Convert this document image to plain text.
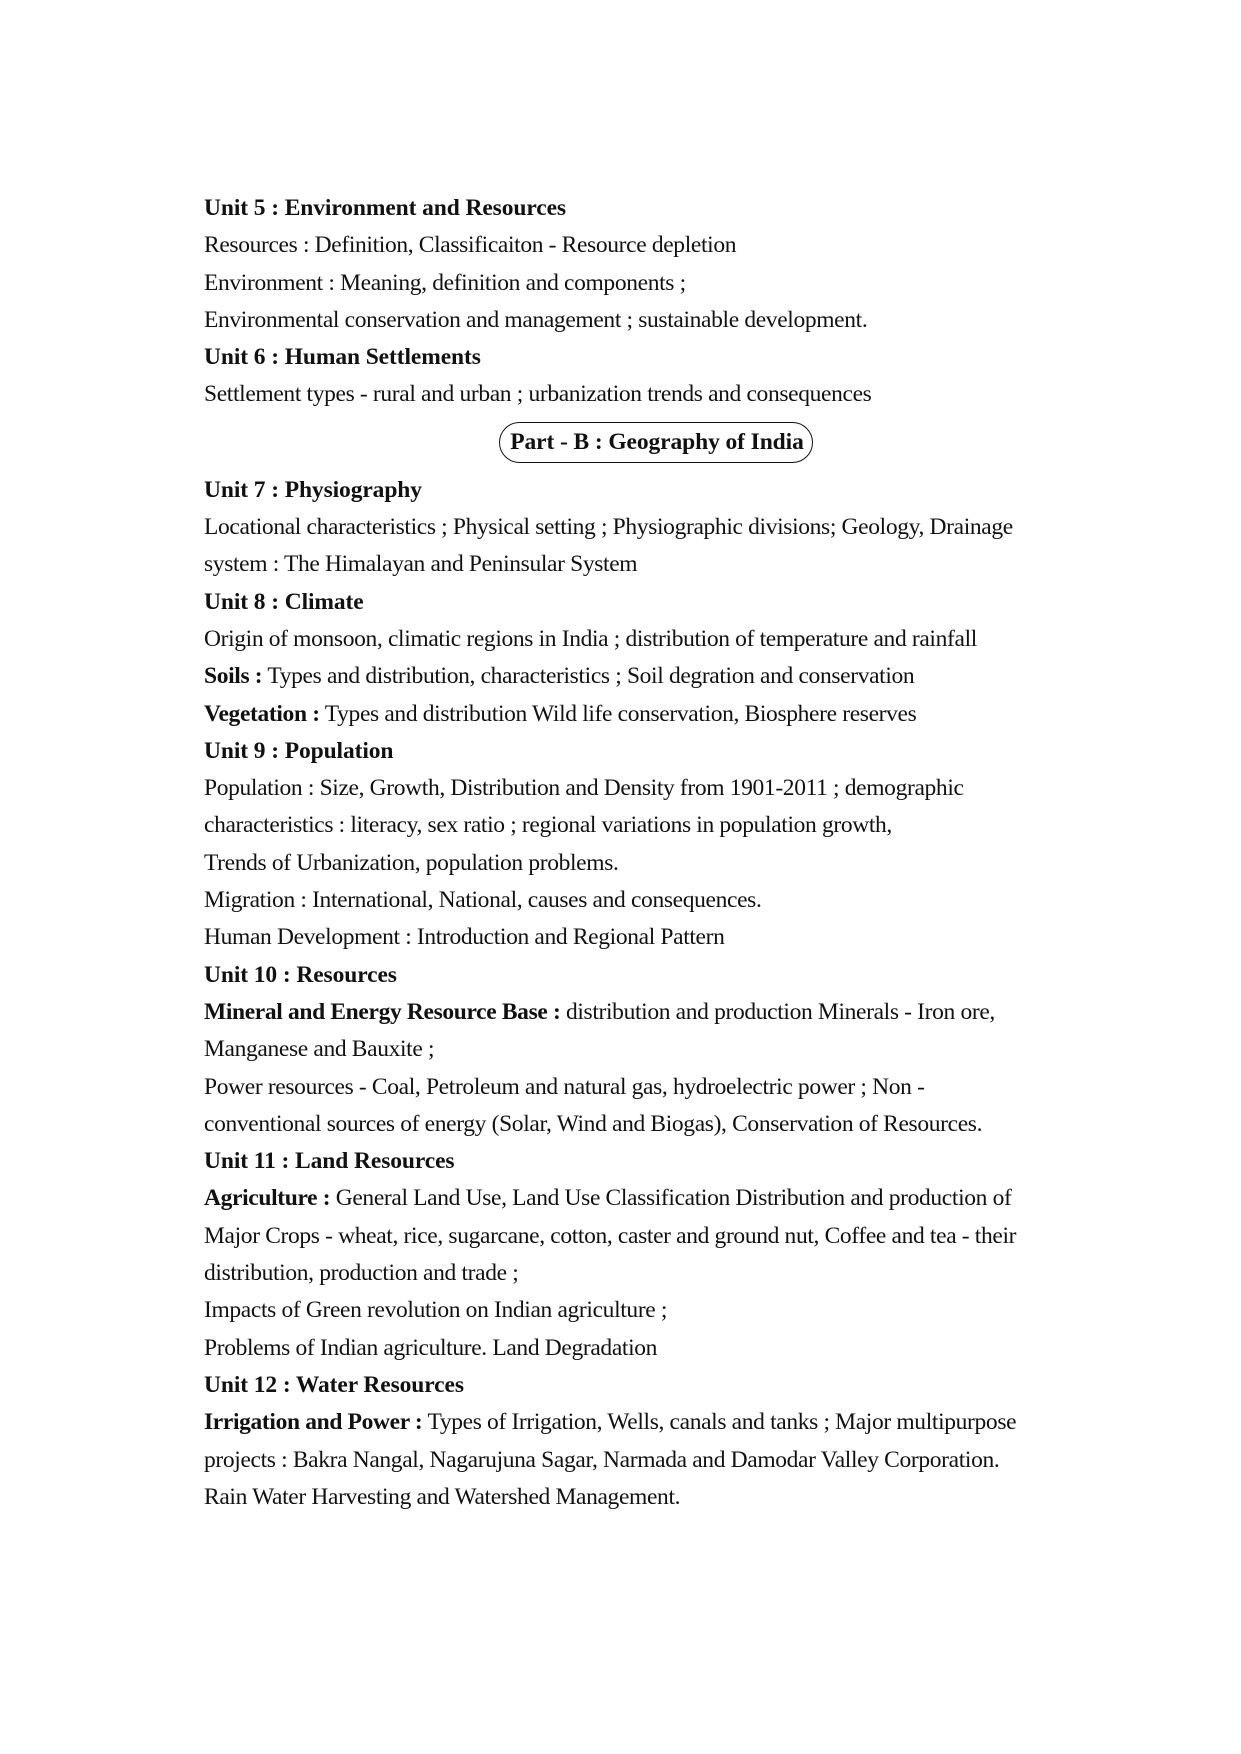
Unit 5 : Environment and Resources
Resources : Definition, Classificaiton - Resource depletion
Environment : Meaning, definition and components ;
Environmental conservation and management ; sustainable development.
Unit 6 : Human Settlements
Settlement types - rural and urban ; urbanization trends and consequences
Part - B : Geography of India
Unit 7 : Physiography
Locational characteristics ; Physical setting ; Physiographic divisions; Geology, Drainage
system : The Himalayan and Peninsular System
Unit 8 : Climate
Origin of monsoon, climatic regions in India ; distribution of temperature and rainfall
Soils : Types and distribution, characteristics ; Soil degration and conservation
Vegetation : Types and distribution Wild life conservation, Biosphere reserves
Unit 9 : Population
Population : Size, Growth, Distribution and Density from 1901-2011 ; demographic
characteristics : literacy, sex ratio ; regional variations in population growth,
Trends of Urbanization, population problems.
Migration : International, National, causes and consequences.
Human Development : Introduction and Regional Pattern
Unit 10 : Resources
Mineral and Energy Resource Base : distribution and production Minerals - Iron ore,
Manganese and Bauxite ;
Power resources - Coal, Petroleum and natural gas, hydroelectric power ; Non -
conventional sources of energy (Solar, Wind and Biogas), Conservation of Resources.
Unit 11 : Land Resources
Agriculture : General Land Use, Land Use Classification Distribution and production of
Major Crops - wheat, rice, sugarcane, cotton, caster and ground nut, Coffee and tea - their
distribution, production and trade ;
Impacts of Green revolution on Indian agriculture ;
Problems of Indian agriculture. Land Degradation
Unit 12 : Water Resources
Irrigation and Power : Types of Irrigation, Wells, canals and tanks ; Major multipurpose
projects : Bakra Nangal, Nagarujuna Sagar, Narmada and Damodar Valley Corporation.
Rain Water Harvesting and Watershed Management.
